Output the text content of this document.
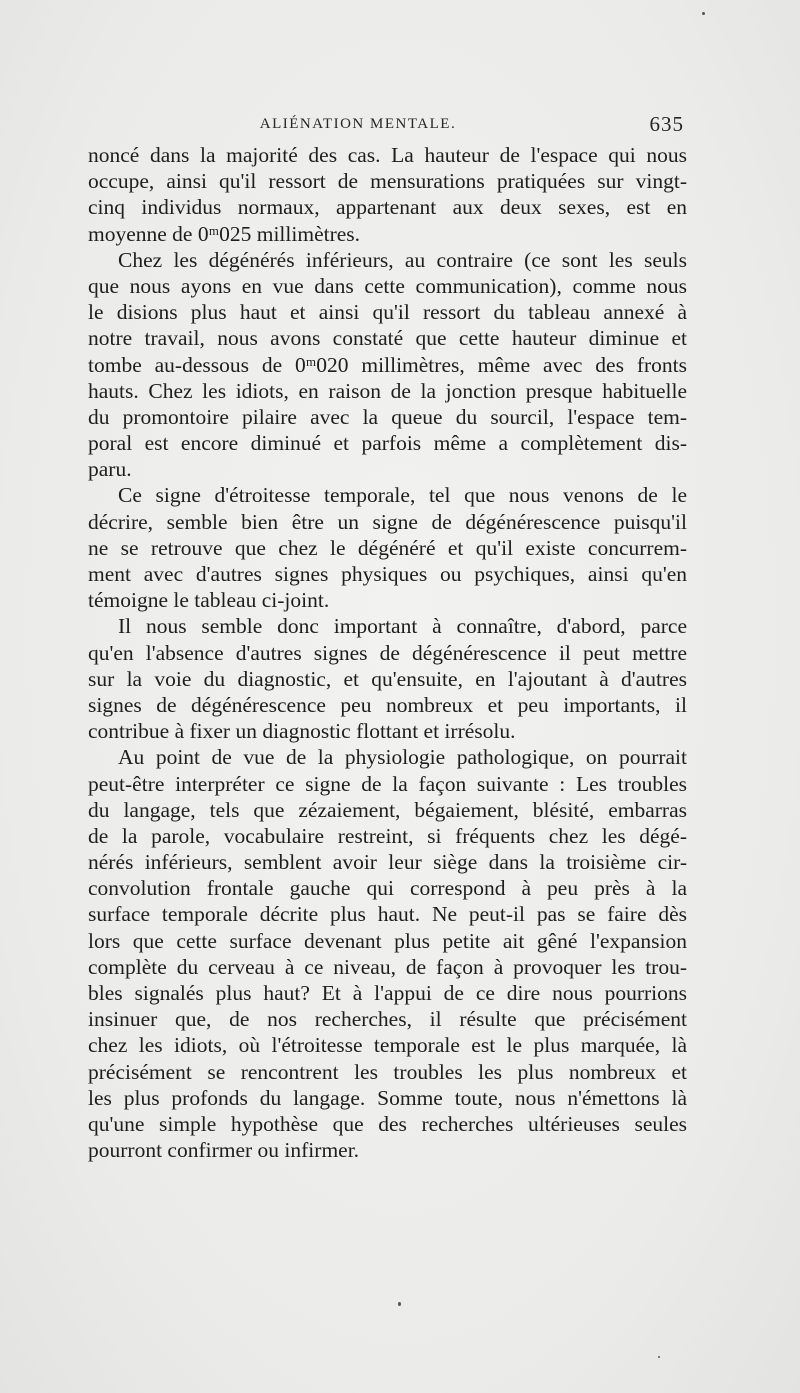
ALIÉNATION MENTALE.	635
noncé dans la majorité des cas. La hauteur de l'espace qui nous
occupe, ainsi qu'il ressort de mensurations pratiquées sur vingt-
cinq individus normaux, appartenant aux deux sexes, est en
moyenne de 0ᵐ025 millimètres.
Chez les dégénérés inférieurs, au contraire (ce sont les seuls
que nous ayons en vue dans cette communication), comme nous
le disions plus haut et ainsi qu'il ressort du tableau annexé à
notre travail, nous avons constaté que cette hauteur diminue et
tombe au-dessous de 0ᵐ020 millimètres, même avec des fronts
hauts. Chez les idiots, en raison de la jonction presque habituelle
du promontoire pilaire avec la queue du sourcil, l'espace tem-
poral est encore diminué et parfois même a complètement dis-
paru.
Ce signe d'étroitesse temporale, tel que nous venons de le
décrire, semble bien être un signe de dégénérescence puisqu'il
ne se retrouve que chez le dégénéré et qu'il existe concurrem-
ment avec d'autres signes physiques ou psychiques, ainsi qu'en
témoigne le tableau ci-joint.
Il nous semble donc important à connaître, d'abord, parce
qu'en l'absence d'autres signes de dégénérescence il peut mettre
sur la voie du diagnostic, et qu'ensuite, en l'ajoutant à d'autres
signes de dégénérescence peu nombreux et peu importants, il
contribue à fixer un diagnostic flottant et irrésolu.
Au point de vue de la physiologie pathologique, on pourrait
peut-être interpréter ce signe de la façon suivante : Les troubles
du langage, tels que zézaiement, bégaiement, blésité, embarras
de la parole, vocabulaire restreint, si fréquents chez les dégé-
nérés inférieurs, semblent avoir leur siège dans la troisième cir-
convolution frontale gauche qui correspond à peu près à la
surface temporale décrite plus haut. Ne peut-il pas se faire dès
lors que cette surface devenant plus petite ait gêné l'expansion
complète du cerveau à ce niveau, de façon à provoquer les trou-
bles signalés plus haut? Et à l'appui de ce dire nous pourrions
insinuer que, de nos recherches, il résulte que précisément
chez les idiots, où l'étroitesse temporale est le plus marquée, là
précisément se rencontrent les troubles les plus nombreux et
les plus profonds du langage. Somme toute, nous n'émettons là
qu'une simple hypothèse que des recherches ultérieuses seules
pourront confirmer ou infirmer.
